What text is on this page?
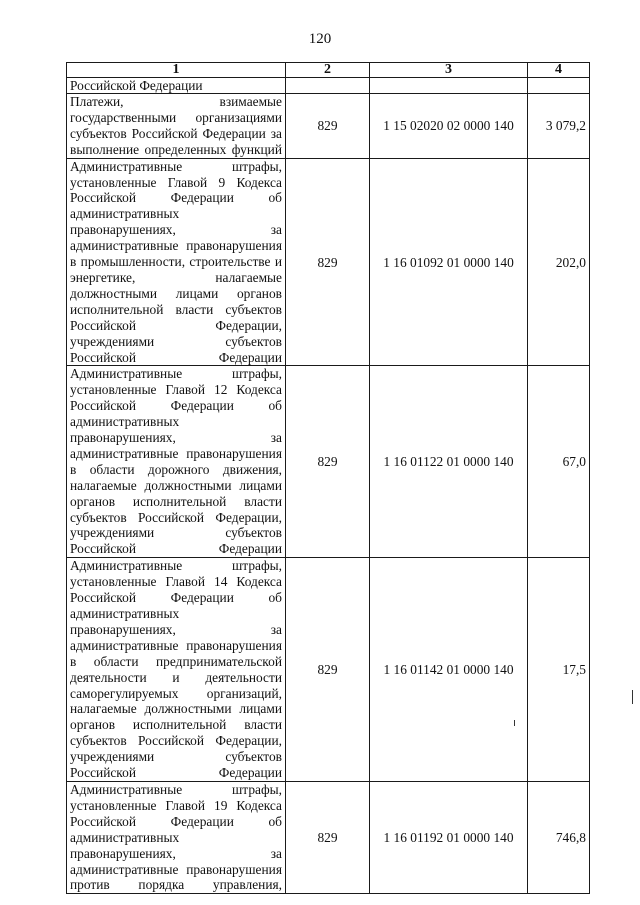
120
1	2	3	4
Российской Федерации			
Платежи, взимаемые государственными организациями субъектов Российской Федерации за выполнение определенных функций	829	1 15 02020 02 0000 140	3 079,2
Административные штрафы, установленные Главой 9 Кодекса Российской Федерации об административных правонарушениях, за административные правонарушения в промышленности, строительстве и энергетике, налагаемые должностными лицами органов исполнительной власти субъектов Российской Федерации, учреждениями субъектов Российской Федерации	829	1 16 01092 01 0000 140	202,0
Административные штрафы, установленные Главой 12 Кодекса Российской Федерации об административных правонарушениях, за административные правонарушения в области дорожного движения, налагаемые должностными лицами органов исполнительной власти субъектов Российской Федерации, учреждениями субъектов Российской Федерации	829	1 16 01122 01 0000 140	67,0
Административные штрафы, установленные Главой 14 Кодекса Российской Федерации об административных правонарушениях, за административные правонарушения в области предпринимательской деятельности и деятельности саморегулируемых организаций, налагаемые должностными лицами органов исполнительной власти субъектов Российской Федерации, учреждениями субъектов Российской Федерации	829	1 16 01142 01 0000 140	17,5
Административные штрафы, установленные Главой 19 Кодекса Российской Федерации об административных правонарушениях, за административные правонарушения против порядка управления,	829	1 16 01192 01 0000 140	746,8
